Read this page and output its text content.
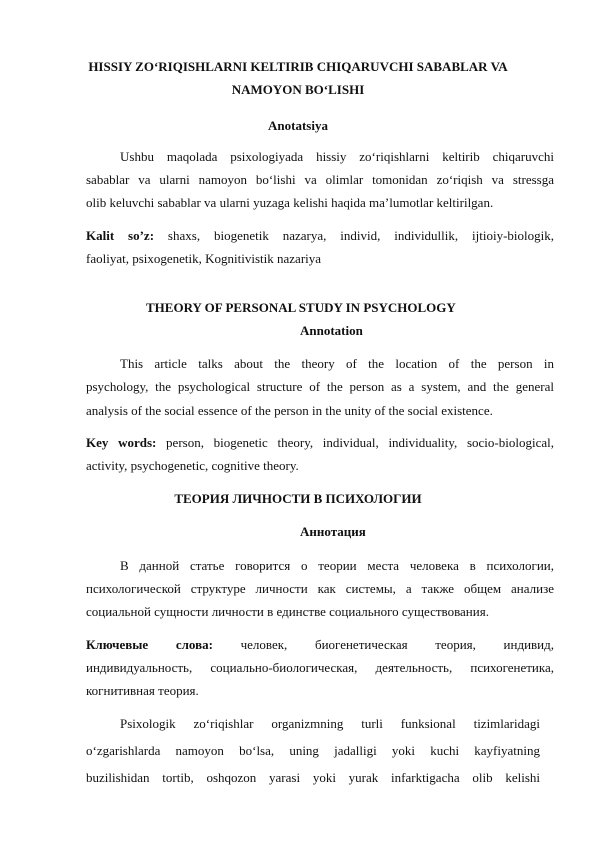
HISSIY ZO‘RIQISHLARNI KELTIRIB CHIQARUVCHI SABABLAR VA

NAMOYON BO‘LISHI

Anotatsiya

Ushbu maqolada psixologiyada hissiy zo‘riqishlarni keltirib chiqaruvchi

sabablar va ularni namoyon bo‘lishi va olimlar tomonidan zo‘riqish va stressga

olib keluvchi sabablar va ularni yuzaga kelishi haqida ma’lumotlar keltirilgan.

Kalit so’z: shaxs, biogenetik nazarya, individ, individullik, ijtioiy-biologik,

faoliyat, psixogenetik, Kognitivistik nazariya

THEORY OF PERSONAL STUDY IN PSYCHOLOGY

Annotation

This article talks about the theory of the location of the person in

psychology, the psychological structure of the person as a system, and the general

analysis of the social essence of the person in the unity of the social existence.

Key words: person, biogenetic theory, individual, individuality, socio-biological,

activity, psychogenetic, cognitive theory.

ТЕОРИЯ ЛИЧНОСТИ В ПСИХОЛОГИИ

Аннотация

В данной статье говорится о теории места человека в психологии,

психологической структуре личности как системы, а также общем анализе

социальной сущности личности в единстве социального существования.

Ключевые слова: человек, биогенетическая теория, индивид,

индивидуальность, социально-биологическая, деятельность, психогенетика,

когнитивная теория.

Psixologik zo‘riqishlar organizmning turli funksional tizimlaridagi

o‘zgarishlarda namoyon bo‘lsa, uning jadalligi yoki kuchi kayfiyatning

buzilishidan tortib, oshqozon yarasi yoki yurak infarktigacha olib kelishi
